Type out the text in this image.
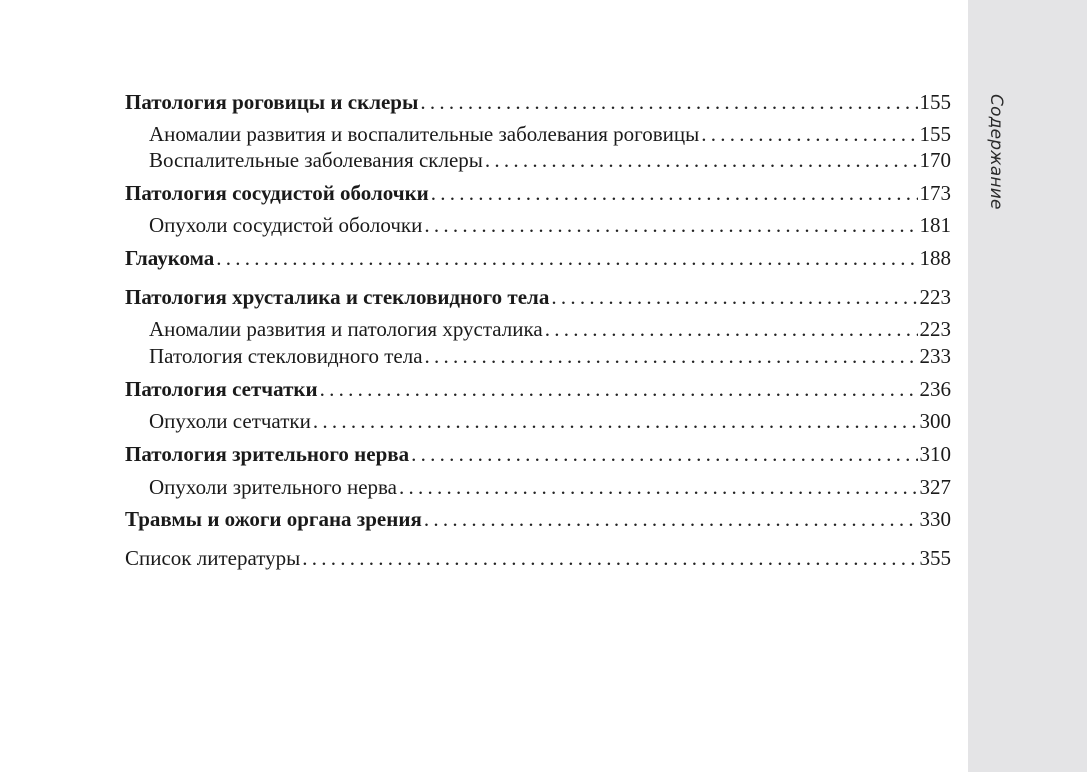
Содержание
Патология роговицы и склеры . . .	155
Аномалии развития и воспалительные заболевания роговицы . . .	155
Воспалительные заболевания склеры . . .	170
Патология сосудистой оболочки . . .	173
Опухоли сосудистой оболочки . . .	181
Глаукома . . .	188
Патология хрусталика и стекловидного тела . . .	223
Аномалии развития и патология хрусталика . . .	223
Патология стекловидного тела . . .	233
Патология сетчатки . . .	236
Опухоли сетчатки . . .	300
Патология зрительного нерва . . .	310
Опухоли зрительного нерва . . .	327
Травмы и ожоги органа зрения . . .	330
Список литературы . . .	355
